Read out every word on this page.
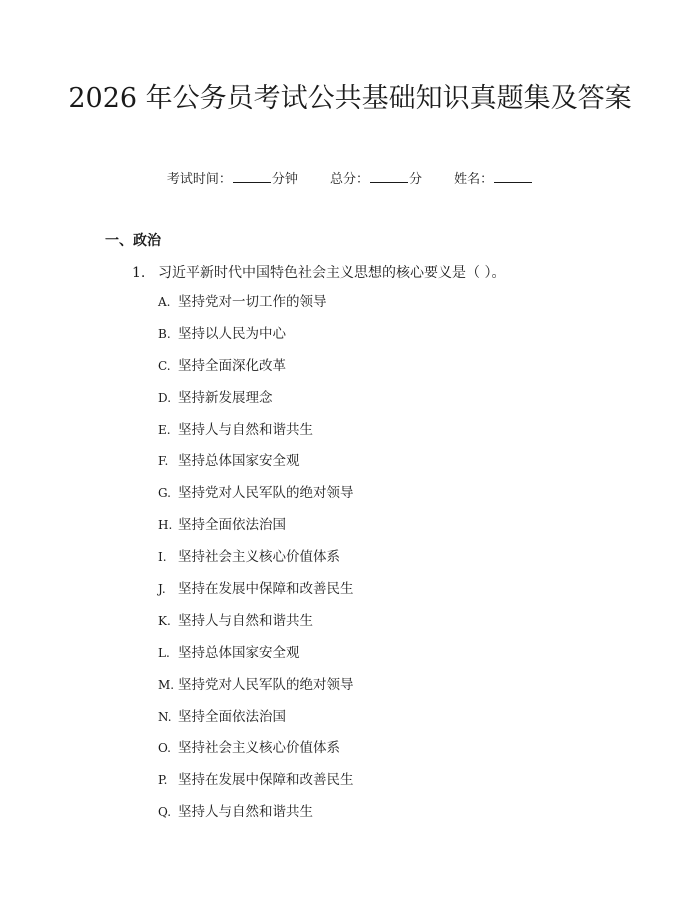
2026 年公务员考试公共基础知识真题集及答案
考试时间：	分钟 总分：	分 姓名：
一、政治
1. 习近平新时代中国特色社会主义思想的核心要义是（ ）。
A. 坚持党对一切工作的领导
B. 坚持以人民为中心
C. 坚持全面深化改革
D. 坚持新发展理念
E. 坚持人与自然和谐共生
F. 坚持总体国家安全观
G. 坚持党对人民军队的绝对领导
H. 坚持全面依法治国
I. 坚持社会主义核心价值体系
J. 坚持在发展中保障和改善民生
K. 坚持人与自然和谐共生
L. 坚持总体国家安全观
M. 坚持党对人民军队的绝对领导
N. 坚持全面依法治国
O. 坚持社会主义核心价值体系
P. 坚持在发展中保障和改善民生
Q. 坚持人与自然和谐共生
